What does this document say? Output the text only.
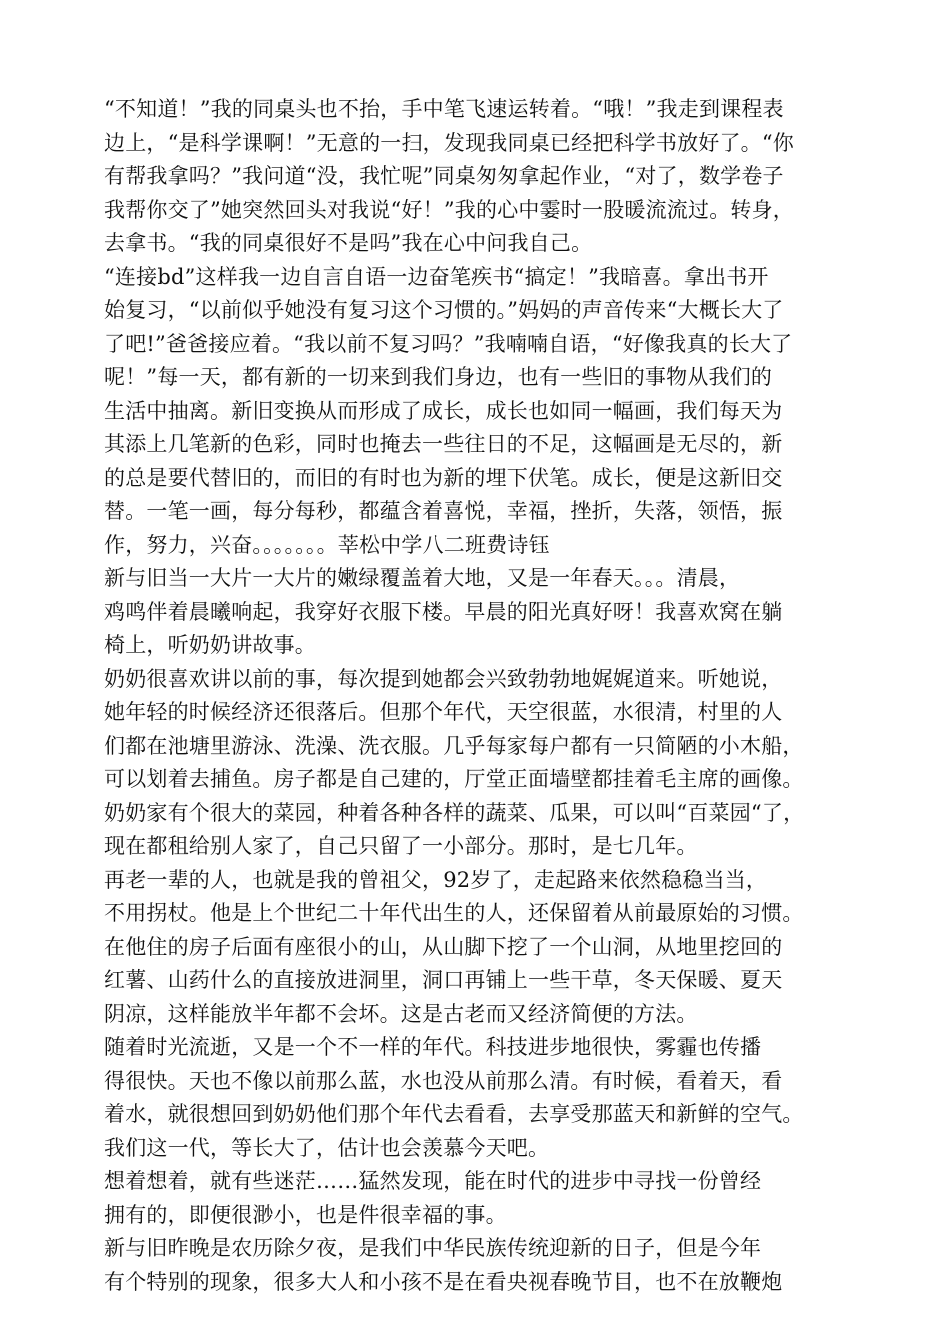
“不知道！”我的同桌头也不抬，手中笔飞速运转着。“哦！”我走到课程表
边上，“是科学课啊！”无意的一扫，发现我同桌已经把科学书放好了。“你
有帮我拿吗？”我问道“没，我忙呢”同桌匆匆拿起作业，“对了，数学卷子
我帮你交了”她突然回头对我说“好！”我的心中霎时一股暖流流过。转身，
去拿书。“我的同桌很好不是吗”我在心中问我自己。
“连接bd”这样我一边自言自语一边奋笔疾书“搞定！”我暗喜。拿出书开
始复习，“以前似乎她没有复习这个习惯的。”妈妈的声音传来“大概长大了
了吧!”爸爸接应着。“我以前不复习吗？”我喃喃自语，“好像我真的长大了
呢！”每一天，都有新的一切来到我们身边，也有一些旧的事物从我们的
生活中抽离。新旧变换从而形成了成长，成长也如同一幅画，我们每天为
其添上几笔新的色彩，同时也掩去一些往日的不足，这幅画是无尽的，新
的总是要代替旧的，而旧的有时也为新的埋下伏笔。成长，便是这新旧交
替。一笔一画，每分每秒，都蕴含着喜悦，幸福，挫折，失落，领悟，振
作，努力，兴奋。。。。。。。莘松中学八二班费诗钰
新与旧当一大片一大片的嫩绿覆盖着大地，又是一年春天。。。清晨，
鸡鸣伴着晨曦响起，我穿好衣服下楼。早晨的阳光真好呀！我喜欢窝在躺
椅上，听奶奶讲故事。
奶奶很喜欢讲以前的事，每次提到她都会兴致勃勃地娓娓道来。听她说，
她年轻的时候经济还很落后。但那个年代，天空很蓝，水很清，村里的人
们都在池塘里游泳、洗澡、洗衣服。几乎每家每户都有一只简陋的小木船，
可以划着去捕鱼。房子都是自己建的，厅堂正面墙壁都挂着毛主席的画像。
奶奶家有个很大的菜园，种着各种各样的蔬菜、瓜果，可以叫“百菜园“了，
现在都租给别人家了，自己只留了一小部分。那时，是七几年。
再老一辈的人，也就是我的曾祖父，92岁了，走起路来依然稳稳当当，
不用拐杖。他是上个世纪二十年代出生的人，还保留着从前最原始的习惯。
在他住的房子后面有座很小的山，从山脚下挖了一个山洞，从地里挖回的
红薯、山药什么的直接放进洞里，洞口再铺上一些干草，冬天保暖、夏天
阴凉，这样能放半年都不会坏。这是古老而又经济简便的方法。
随着时光流逝，又是一个不一样的年代。科技进步地很快，雾霾也传播
得很快。天也不像以前那么蓝，水也没从前那么清。有时候，看着天，看
着水，就很想回到奶奶他们那个年代去看看，去享受那蓝天和新鲜的空气。
我们这一代，等长大了，估计也会羡慕今天吧。
想着想着，就有些迷茫……猛然发现，能在时代的进步中寻找一份曾经
拥有的，即便很渺小，也是件很幸福的事。
新与旧昨晚是农历除夕夜，是我们中华民族传统迎新的日子，但是今年
有个特别的现象，很多大人和小孩不是在看央视春晚节目，也不在放鞭炮
